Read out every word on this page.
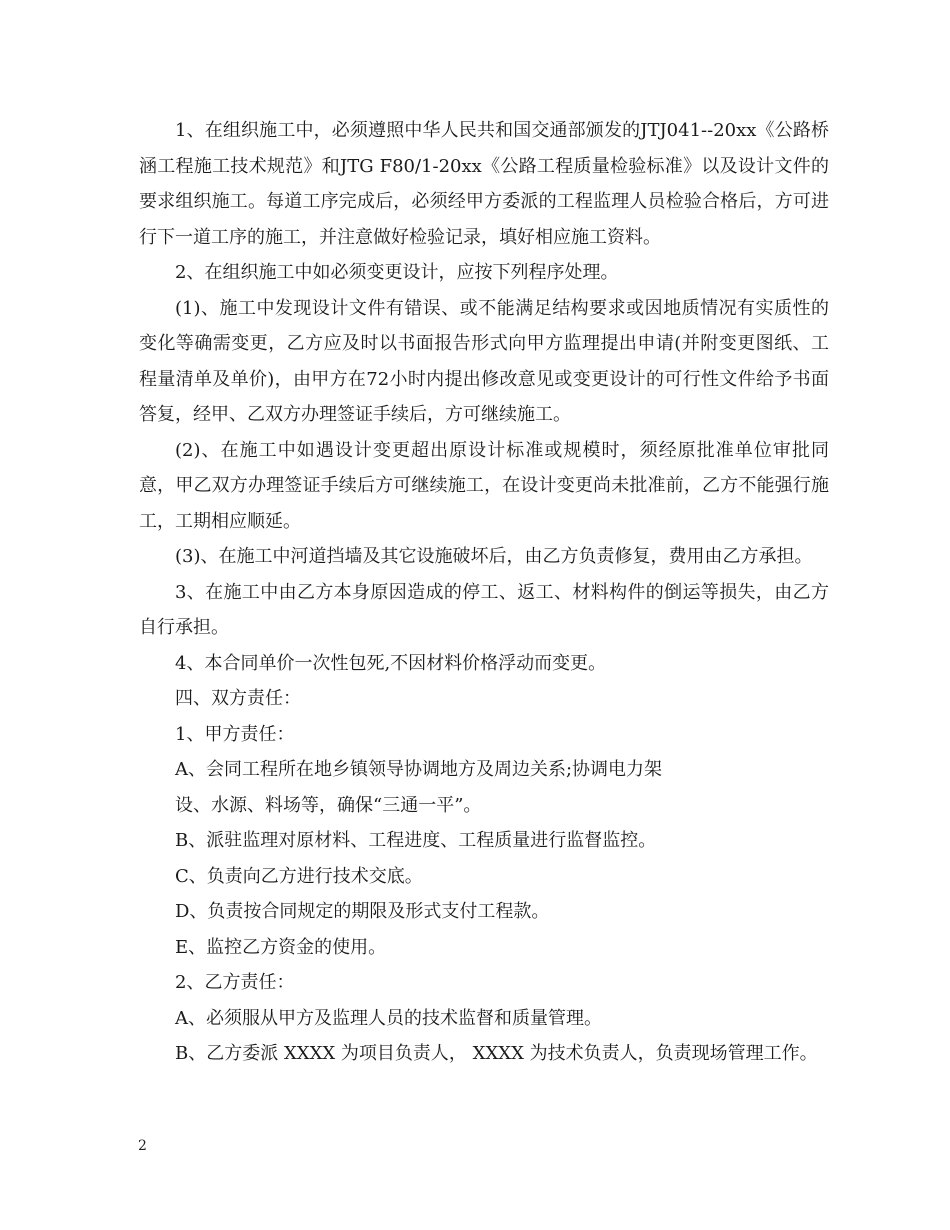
1、在组织施工中，必须遵照中华人民共和国交通部颁发的JTJ041--20xx《公路桥涵工程施工技术规范》和JTG F80/1-20xx《公路工程质量检验标准》以及设计文件的要求组织施工。每道工序完成后，必须经甲方委派的工程监理人员检验合格后，方可进行下一道工序的施工，并注意做好检验记录，填好相应施工资料。

2、在组织施工中如必须变更设计，应按下列程序处理。

(1)、施工中发现设计文件有错误、或不能满足结构要求或因地质情况有实质性的变化等确需变更，乙方应及时以书面报告形式向甲方监理提出申请(并附变更图纸、工程量清单及单价)，由甲方在72小时内提出修改意见或变更设计的可行性文件给予书面答复，经甲、乙双方办理签证手续后，方可继续施工。

(2)、在施工中如遇设计变更超出原设计标准或规模时，须经原批准单位审批同意，甲乙双方办理签证手续后方可继续施工，在设计变更尚未批准前，乙方不能强行施工，工期相应顺延。

(3)、在施工中河道挡墙及其它设施破坏后，由乙方负责修复，费用由乙方承担。

3、在施工中由乙方本身原因造成的停工、返工、材料构件的倒运等损失，由乙方自行承担。

4、本合同单价一次性包死,不因材料价格浮动而变更。

四、双方责任：

1、甲方责任：

A、会同工程所在地乡镇领导协调地方及周边关系;协调电力架

设、水源、料场等，确保“三通一平”。

B、派驻监理对原材料、工程进度、工程质量进行监督监控。

C、负责向乙方进行技术交底。

D、负责按合同规定的期限及形式支付工程款。

E、监控乙方资金的使用。

2、乙方责任：

A、必须服从甲方及监理人员的技术监督和质量管理。

B、乙方委派 XXXX 为项目负责人， XXXX 为技术负责人，负责现场管理工作。

2
